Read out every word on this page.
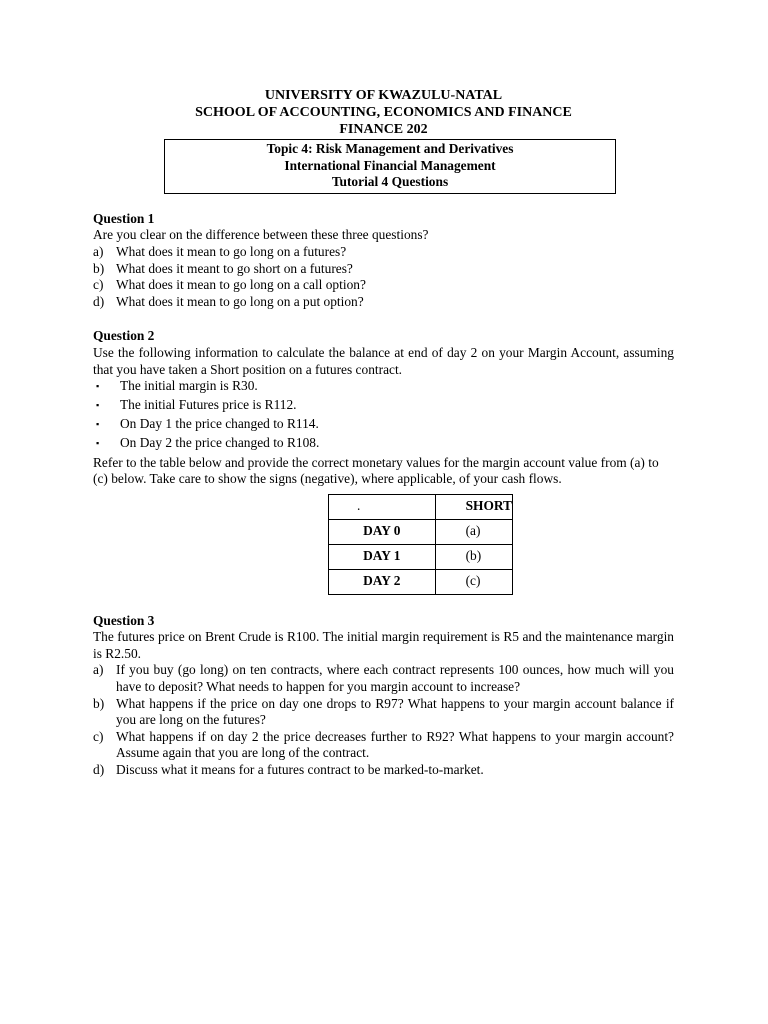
UNIVERSITY OF KWAZULU-NATAL
SCHOOL OF ACCOUNTING, ECONOMICS AND FINANCE
FINANCE 202
Topic 4: Risk Management and Derivatives
International Financial Management
Tutorial 4 Questions
Question 1
Are you clear on the difference between these three questions?
a) What does it mean to go long on a futures?
b) What does it meant to go short on a futures?
c) What does it mean to go long on a call option?
d) What does it mean to go long on a put option?
Question 2
Use the following information to calculate the balance at end of day 2 on your Margin Account, assuming that you have taken a Short position on a futures contract.
▪	The initial margin is R30.
▪	The initial Futures price is R112.
▪	On Day 1 the price changed to R114.
▪	On Day 2 the price changed to R108.
Refer to the table below and provide the correct monetary values for the margin account value from (a) to (c) below. Take care to show the signs (negative), where applicable, of your cash flows.
.	SHORT
DAY 0	(a)
DAY 1	(b)
DAY 2	(c)
Question 3
The futures price on Brent Crude is R100. The initial margin requirement is R5 and the maintenance margin is R2.50.
a) If you buy (go long) on ten contracts, where each contract represents 100 ounces, how much will you have to deposit? What needs to happen for you margin account to increase?
b) What happens if the price on day one drops to R97? What happens to your margin account balance if you are long on the futures?
c) What happens if on day 2 the price decreases further to R92? What happens to your margin account? Assume again that you are long of the contract.
d) Discuss what it means for a futures contract to be marked-to-market.
